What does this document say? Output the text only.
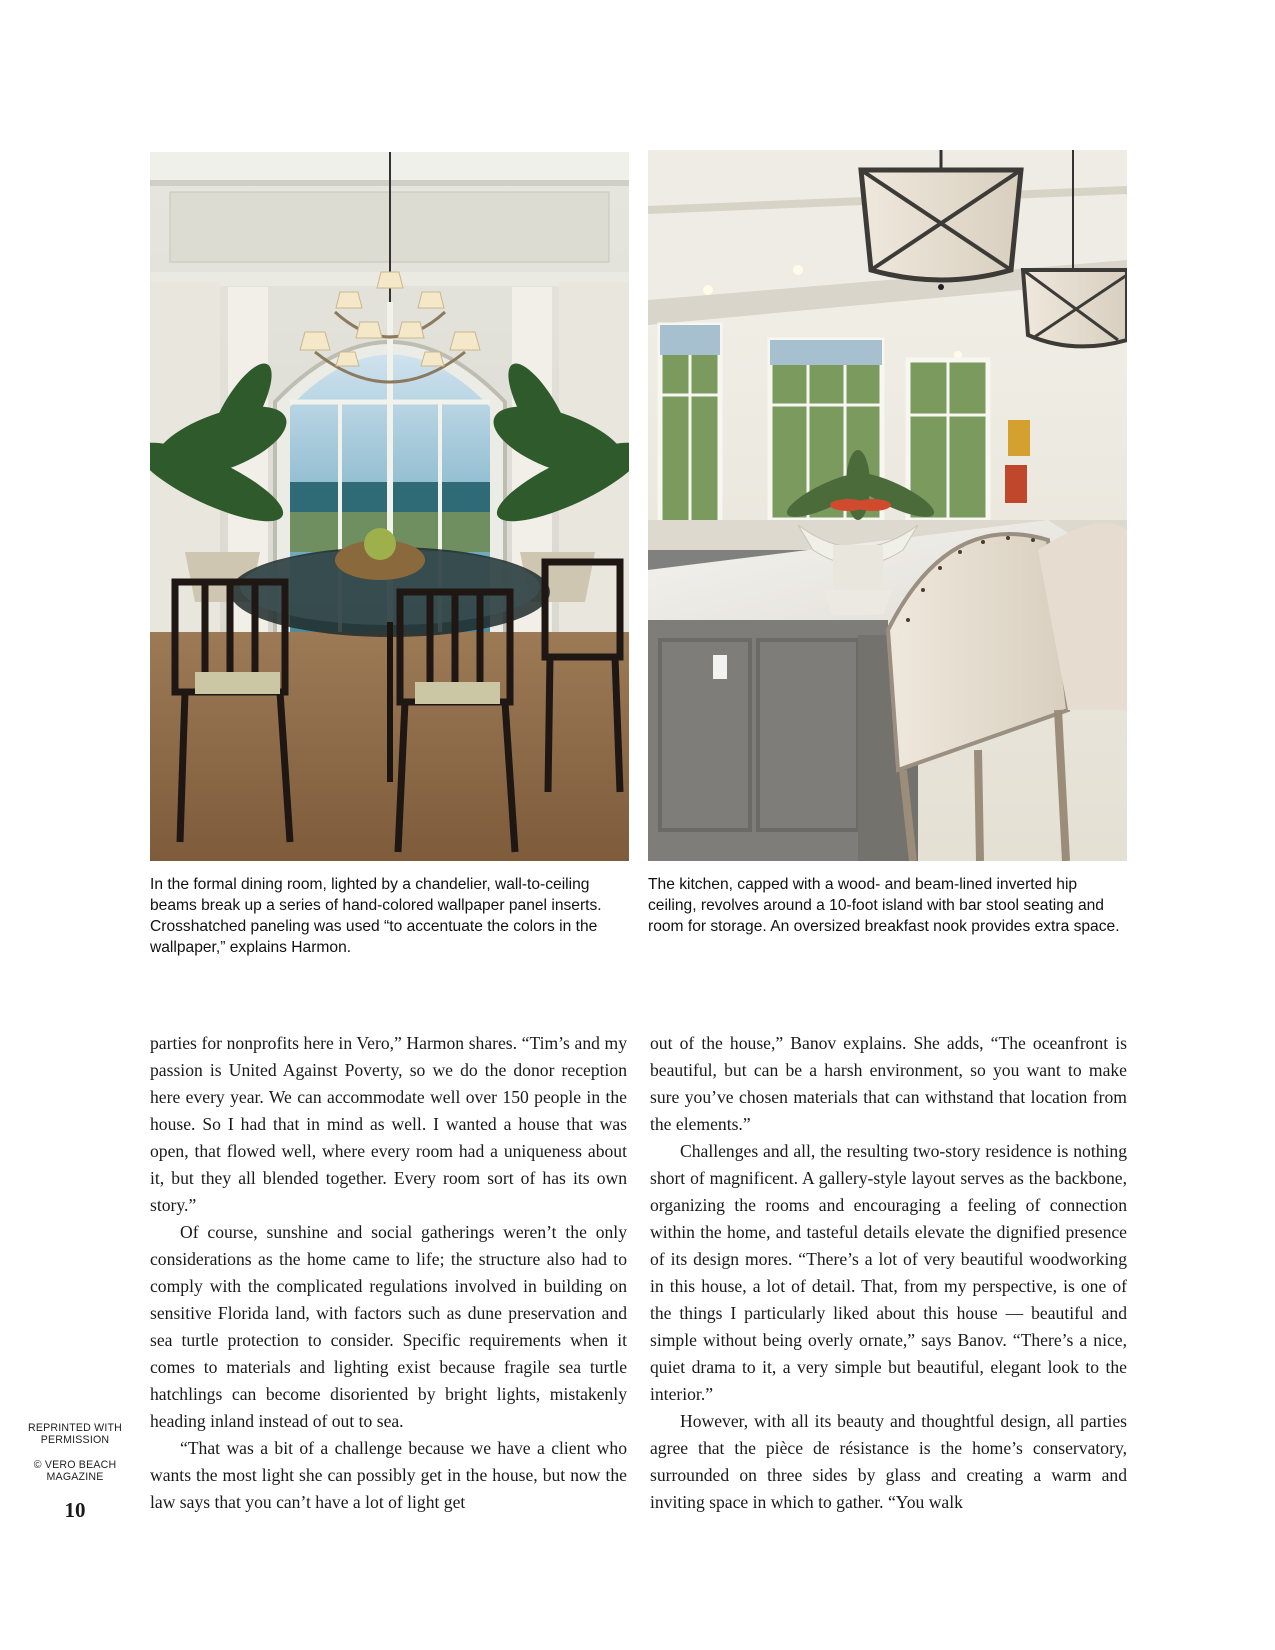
In the formal dining room, lighted by a chandelier, wall-to-ceiling beams break up a series of hand-colored wallpaper panel inserts. Crosshatched paneling was used “to accentuate the colors in the wallpaper,” explains Harmon.
The kitchen, capped with a wood- and beam-lined inverted hip ceiling, revolves around a 10-foot island with bar stool seating and room for storage. An oversized breakfast nook provides extra space.

parties for nonprofits here in Vero,” Harmon shares. “Tim’s and my passion is United Against Poverty, so we do the donor reception here every year. We can accommodate well over 150 people in the house. So I had that in mind as well. I wanted a house that was open, that flowed well, where every room had a uniqueness about it, but they all blended together. Every room sort of has its own story.”

Of course, sunshine and social gatherings weren’t the only considerations as the home came to life; the structure also had to comply with the complicated regulations involved in building on sensitive Florida land, with factors such as dune preservation and sea turtle protection to consider. Specific requirements when it comes to materials and lighting exist because fragile sea turtle hatchlings can become disoriented by bright lights, mistakenly heading inland instead of out to sea.

“That was a bit of a challenge because we have a client who wants the most light she can possibly get in the house, but now the law says that you can’t have a lot of light get

out of the house,” Banov explains. She adds, “The oceanfront is beautiful, but can be a harsh environment, so you want to make sure you’ve chosen materials that can withstand that location from the elements.”

Challenges and all, the resulting two-story residence is nothing short of magnificent. A gallery-style layout serves as the backbone, organizing the rooms and encouraging a feeling of connection within the home, and tasteful details elevate the dignified presence of its design mores. “There’s a lot of very beautiful woodworking in this house, a lot of detail. That, from my perspective, is one of the things I particularly liked about this house — beautiful and simple without being overly ornate,” says Banov. “There’s a nice, quiet drama to it, a very simple but beautiful, elegant look to the interior.”

However, with all its beauty and thoughtful design, all parties agree that the pièce de résistance is the home’s conservatory, surrounded on three sides by glass and creating a warm and inviting space in which to gather. “You walk

REPRINTED WITH PERMISSION
© VERO BEACH MAGAZINE
10
